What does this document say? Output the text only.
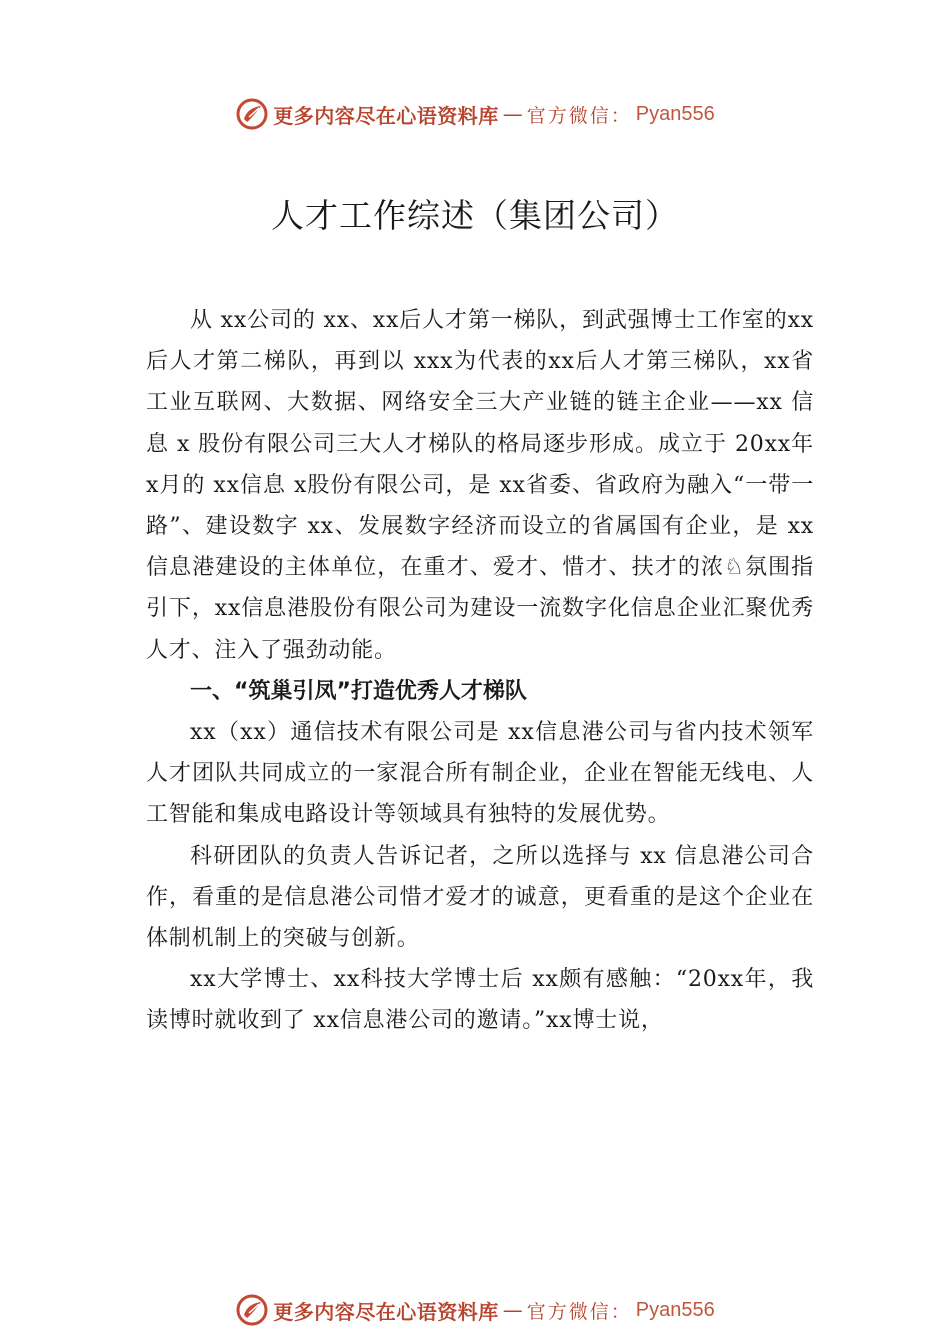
更多内容尽在心语资料库 — 官方微信： Pyan556
人才工作综述（集团公司）

从 xx公司的 xx、xx后人才第一梯队，到武强博士工作室的xx后人才第二梯队，再到以 xxx为代表的xx后人才第三梯队，xx省工业互联网、大数据、网络安全三大产业链的链主企业——xx 信息 x 股份有限公司三大人才梯队的格局逐步形成。成立于 20xx年 x月的 xx信息 x股份有限公司，是 xx省委、省政府为融入“一带一路”、建设数字 xx、发展数字经济而设立的省属国有企业，是 xx 信息港建设的主体单位，在重才、爱才、惜才、扶才的浓♘氛围指引下，xx信息港股份有限公司为建设一流数字化信息企业汇聚优秀人才、注入了强劲动能。

一、“筑巢引凤”打造优秀人才梯队

xx（xx）通信技术有限公司是 xx信息港公司与省内技术领军人才团队共同成立的一家混合所有制企业，企业在智能无线电、人工智能和集成电路设计等领域具有独特的发展优势。

科研团队的负责人告诉记者，之所以选择与 xx 信息港公司合作，看重的是信息港公司惜才爱才的诚意，更看重的是这个企业在体制机制上的突破与创新。

xx大学博士、xx科技大学博士后 xx颇有感触：“20xx年，我读博时就收到了 xx信息港公司的邀请。”xx博士说，

更多内容尽在心语资料库 — 官方微信： Pyan556
